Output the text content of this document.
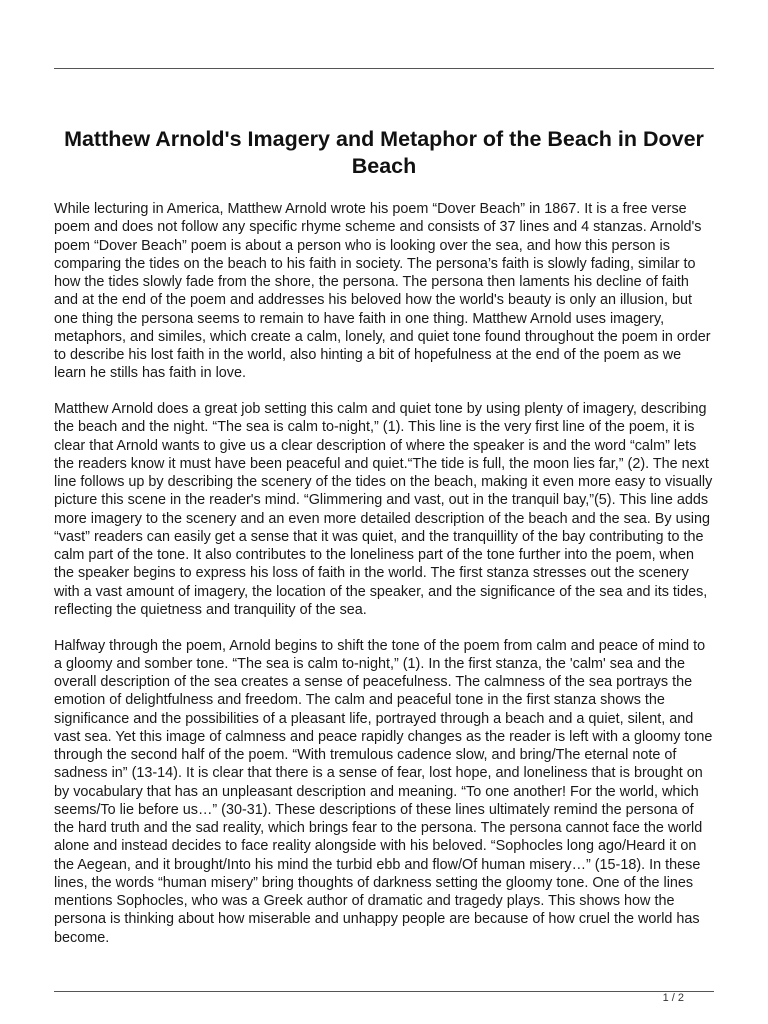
Matthew Arnold's Imagery and Metaphor of the Beach in Dover Beach

While lecturing in America, Matthew Arnold wrote his poem “Dover Beach” in 1867. It is a free verse poem and does not follow any specific rhyme scheme and consists of 37 lines and 4 stanzas. Arnold's poem “Dover Beach” poem is about a person who is looking over the sea, and how this person is comparing the tides on the beach to his faith in society. The persona’s faith is slowly fading, similar to how the tides slowly fade from the shore, the persona. The persona then laments his decline of faith and at the end of the poem and addresses his beloved how the world's beauty is only an illusion, but one thing the persona seems to remain to have faith in one thing. Matthew Arnold uses imagery, metaphors, and similes, which create a calm, lonely, and quiet tone found throughout the poem in order to describe his lost faith in the world, also hinting a bit of hopefulness at the end of the poem as we learn he stills has faith in love.

Matthew Arnold does a great job setting this calm and quiet tone by using plenty of imagery, describing the beach and the night. “The sea is calm to-night,” (1). This line is the very first line of the poem, it is clear that Arnold wants to give us a clear description of where the speaker is and the word “calm” lets the readers know it must have been peaceful and quiet.“The tide is full, the moon lies far,” (2). The next line follows up by describing the scenery of the tides on the beach, making it even more easy to visually picture this scene in the reader's mind. “Glimmering and vast, out in the tranquil bay,”(5). This line adds more imagery to the scenery and an even more detailed description of the beach and the sea. By using “vast” readers can easily get a sense that it was quiet, and the tranquillity of the bay contributing to the calm part of the tone. It also contributes to the loneliness part of the tone further into the poem, when the speaker begins to express his loss of faith in the world. The first stanza stresses out the scenery with a vast amount of imagery, the location of the speaker, and the significance of the sea and its tides, reflecting the quietness and tranquility of the sea.

Halfway through the poem, Arnold begins to shift the tone of the poem from calm and peace of mind to a gloomy and somber tone. “The sea is calm to-night,” (1). In the first stanza, the 'calm' sea and the overall description of the sea creates a sense of peacefulness. The calmness of the sea portrays the emotion of delightfulness and freedom. The calm and peaceful tone in the first stanza shows the significance and the possibilities of a pleasant life, portrayed through a beach and a quiet, silent, and vast sea. Yet this image of calmness and peace rapidly changes as the reader is left with a gloomy tone through the second half of the poem. “With tremulous cadence slow, and bring/The eternal note of sadness in” (13-14). It is clear that there is a sense of fear, lost hope, and loneliness that is brought on by vocabulary that has an unpleasant description and meaning. “To one another! For the world, which seems/To lie before us…” (30-31). These descriptions of these lines ultimately remind the persona of the hard truth and the sad reality, which brings fear to the persona. The persona cannot face the world alone and instead decides to face reality alongside with his beloved. “Sophocles long ago/Heard it on the Aegean, and it brought/Into his mind the turbid ebb and flow/Of human misery…” (15-18). In these lines, the words “human misery” bring thoughts of darkness setting the gloomy tone. One of the lines mentions Sophocles, who was a Greek author of dramatic and tragedy plays. This shows how the persona is thinking about how miserable and unhappy people are because of how cruel the world has become.

1 / 2
